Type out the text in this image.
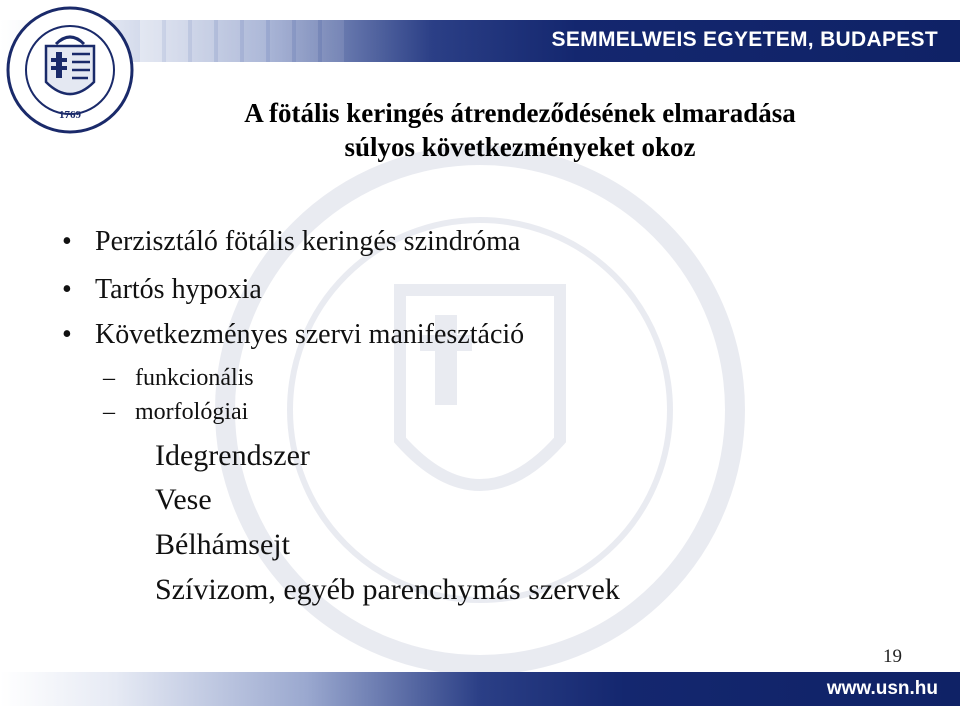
SEMMELWEIS EGYETEM, BUDAPEST
1769	A fötális keringés átrendeződésének elmaradása
súlyos következményeket okoz
• Perzisztáló fötális keringés szindróma
• Tartós hypoxia
• Következményes szervi manifesztáció
– funkcionális
– morfológiai
Idegrendszer
Vese
Bélhámsejt
Szívizom, egyéb parenchymás szervek
19
www.usn.hu
